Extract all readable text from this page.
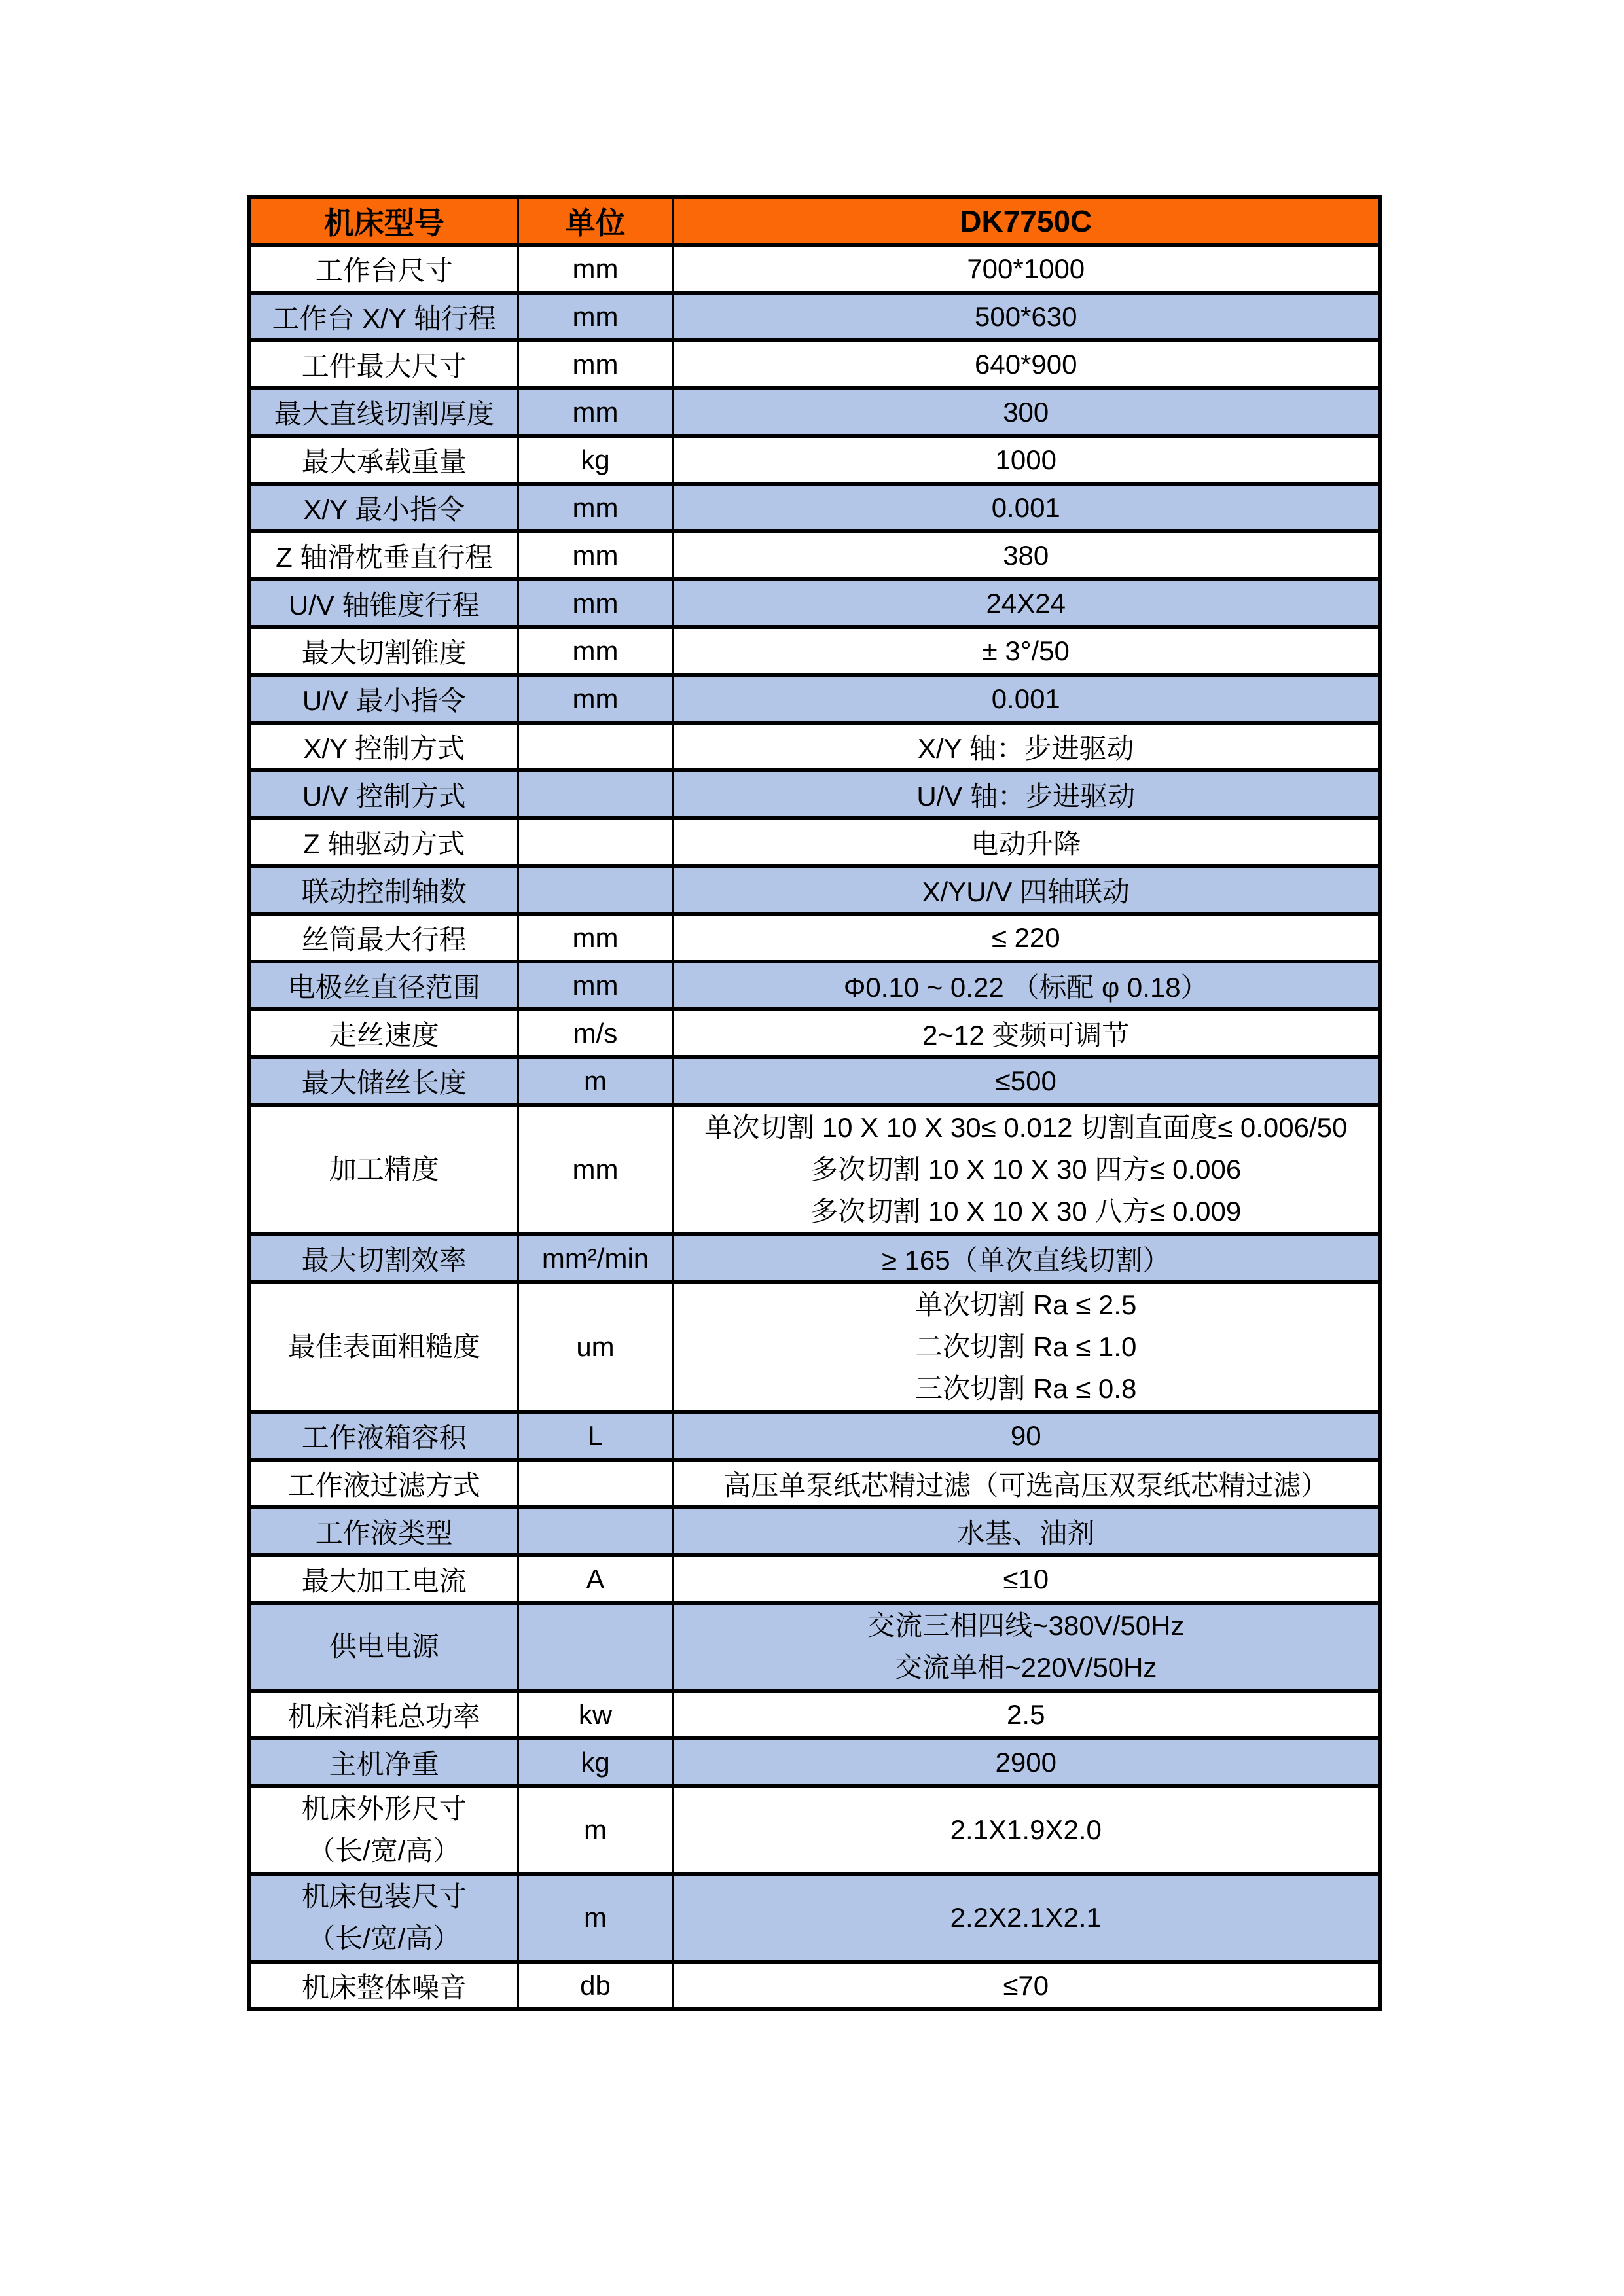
机床型号	单位	DK7750C

工作台尺寸	mm	700*1000

工作台 X/Y 轴行程	mm	500*630

工件最大尺寸	mm	640*900

最大直线切割厚度	mm	300

最大承载重量	kg	1000

X/Y 最小指令	mm	0.001

Z 轴滑枕垂直行程	mm	380

U/V 轴锥度行程	mm	24X24

最大切割锥度	mm	± 3°/50

U/V 最小指令	mm	0.001

X/Y 控制方式		X/Y 轴：步进驱动

U/V 控制方式		U/V 轴：步进驱动

Z 轴驱动方式		电动升降

联动控制轴数		X/YU/V 四轴联动

丝筒最大行程	mm	≤ 220

电极丝直径范围	mm	Φ0.10 ~ 0.22 （标配 φ 0.18）

走丝速度	m/s	2~12 变频可调节

最大储丝长度	m	≤500

加工精度	mm	单次切割 10 X 10 X 30≤ 0.012 切割直面度≤ 0.006/50
多次切割 10 X 10 X 30 四方≤ 0.006
多次切割 10 X 10 X 30 八方≤ 0.009

最大切割效率	mm²/min	≥ 165（单次直线切割）

最佳表面粗糙度	um	单次切割 Ra ≤ 2.5
二次切割 Ra ≤ 1.0
三次切割 Ra ≤ 0.8

工作液箱容积	L	90

工作液过滤方式		高压单泵纸芯精过滤（可选高压双泵纸芯精过滤）

工作液类型		水基、油剂

最大加工电流	A	≤10

供电电源		交流三相四线~380V/50Hz
交流单相~220V/50Hz

机床消耗总功率	kw	2.5

主机净重	kg	2900

机床外形尺寸
（长/宽/高）	m	2.1X1.9X2.0

机床包装尺寸
（长/宽/高）	m	2.2X2.1X2.1

机床整体噪音	db	≤70
